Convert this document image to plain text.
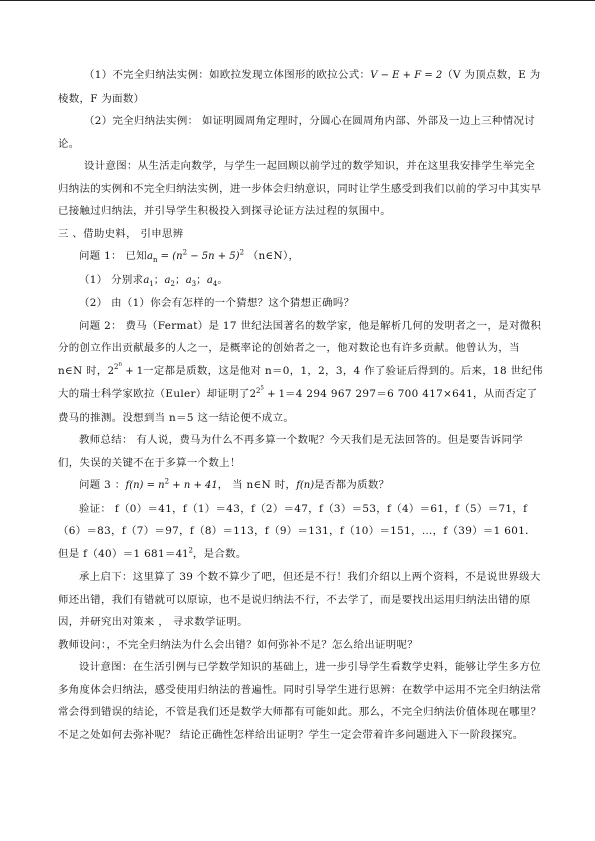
（1）不完全归纳法实例：如欧拉发现立体图形的欧拉公式：V − E + F = 2（V 为顶点数，E 为棱数，F 为面数）

（2）完全归纳法实例： 如证明圆周角定理时，分圆心在圆周角内部、外部及一边上三种情况讨论。

设计意图：从生活走向数学，与学生一起回顾以前学过的数学知识，并在这里我安排学生举完全归纳法的实例和不完全归纳法实例，进一步体会归纳意识，同时让学生感受到我们以前的学习中其实早已接触过归纳法，并引导学生积极投入到探寻论证方法过程的氛围中。

三 、借助史料， 引申思辨

问题 1： 已知$a_n = (n^2 - 5n + 5)^2$ （n∈N），

（1） 分别求$a_1$；$a_2$；$a_3$；$a_4$。

（2） 由（1）你会有怎样的一个猜想？这个猜想正确吗？

问题 2： 费马（Fermat）是 17 世纪法国著名的数学家，他是解析几何的发明者之一，是对微积分的创立作出贡献最多的人之一，是概率论的创始者之一，他对数论也有许多贡献。他曾认为，当 n∈N 时，$2^{2^n} + 1$一定都是质数，这是他对 n＝0，1，2，3，4 作了验证后得到的。后来，18 世纪伟大的瑞士科学家欧拉（Euler）却证明了$2^{2^5} + 1=4$ 294 967 297＝6 700 417×641，从而否定了费马的推测。没想到当 n＝5 这一结论便不成立。

教师总结： 有人说，费马为什么不再多算一个数呢？今天我们是无法回答的。但是要告诉同学们，失误的关键不在于多算一个数上！

问题 3 ：$f(n) = n^2 + n + 41$， 当 n∈N 时，f(n)是否都为质数？

验证： f（0）＝41，f（1）＝43，f（2）＝47，f（3）＝53，f（4）＝61，f（5）＝71，f（6）＝83，f（7）＝97，f（8）＝113，f（9）＝131，f（10）＝151，…，f（39）＝1 601．但是 f（40）＝1 $681=41^2$，是合数。

承上启下：这里算了 39 个数不算少了吧，但还是不行！我们介绍以上两个资料，不是说世界级大师还出错，我们有错就可以原谅，也不是说归纳法不行，不去学了，而是要找出运用归纳法出错的原因，并研究出对策来 ， 寻求数学证明。

教师设问：，不完全归纳法为什么会出错？如何弥补不足？怎么给出证明呢？

设计意图：在生活引例与已学数学知识的基础上，进一步引导学生看数学史料，能够让学生多方位多角度体会归纳法，感受使用归纳法的普遍性。同时引导学生进行思辨：在数学中运用不完全归纳法常常会得到错误的结论，不管是我们还是数学大师都有可能如此。那么，不完全归纳法价值体现在哪里？不足之处如何去弥补呢？ 结论正确性怎样给出证明？学生一定会带着许多问题进入下一阶段探究。
